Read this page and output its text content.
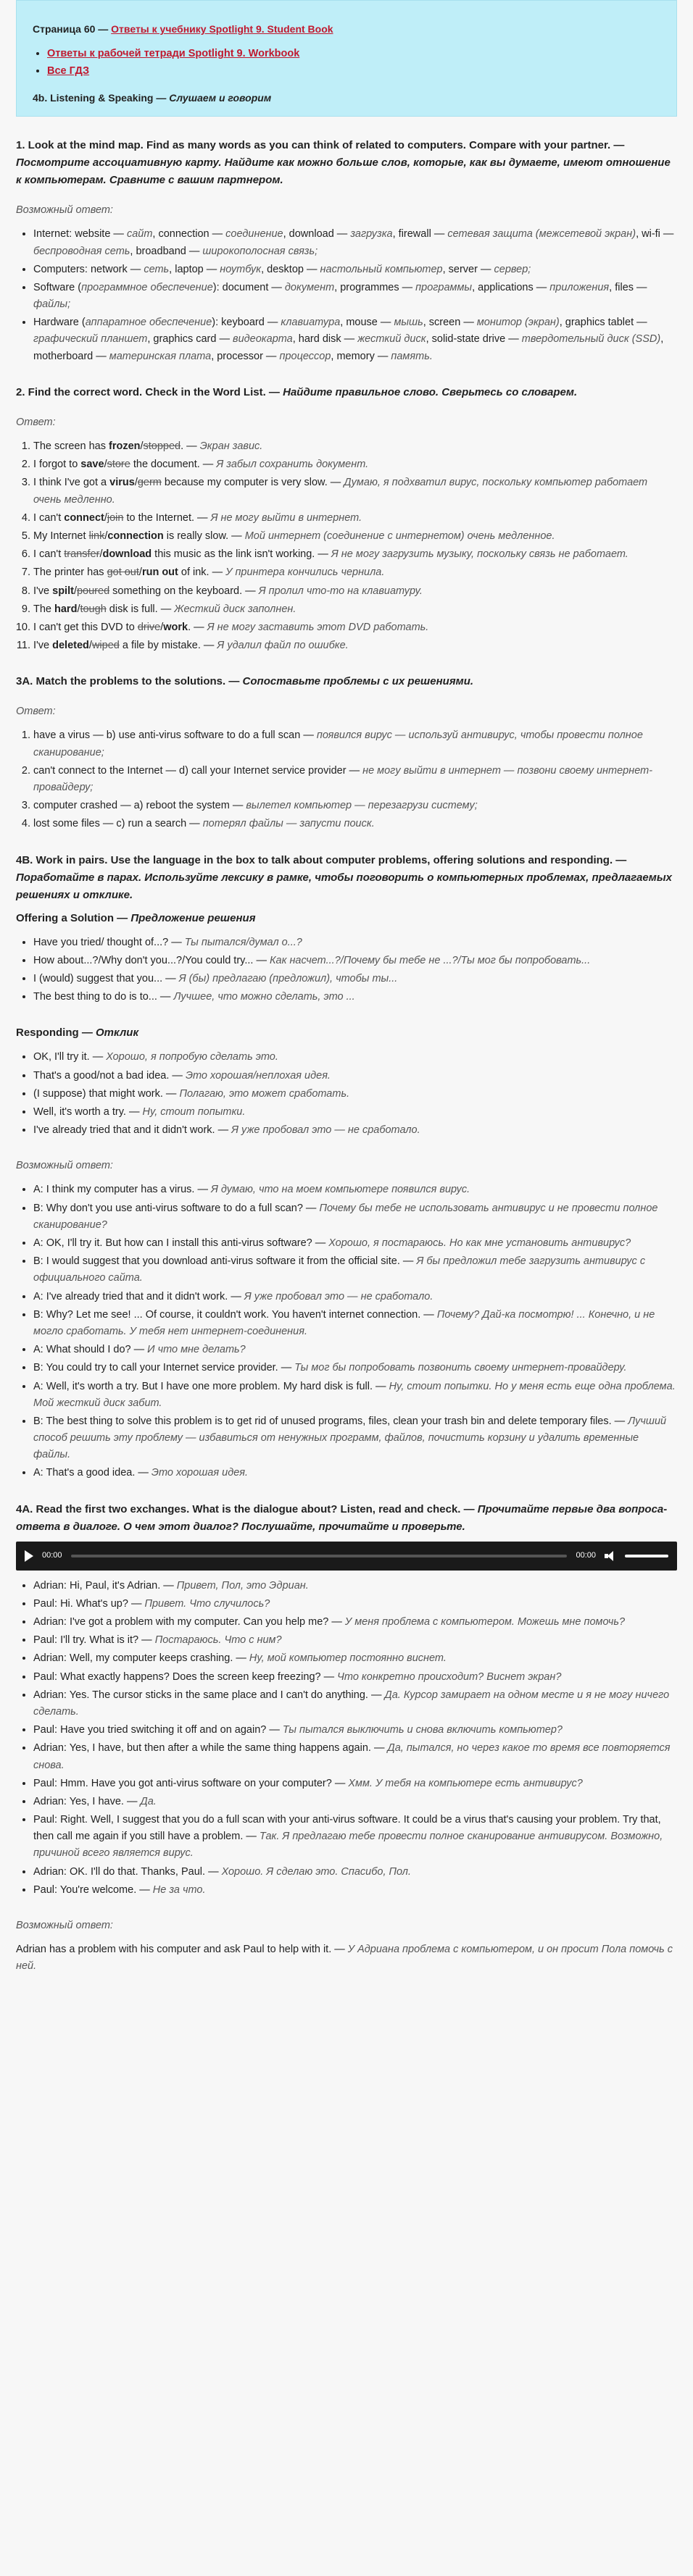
Страница 60 — Ответы к учебнику Spotlight 9. Student Book
• Ответы к рабочей тетради Spotlight 9. Workbook
• Все ГДЗ
4b. Listening & Speaking — Слушаем и говорим
1. Look at the mind map. Find as many words as you can think of related to computers. Compare with your partner. — Посмотрите ассоциативную карту. Найдите как можно больше слов, которые, как вы думаете, имеют отношение к компьютерам. Сравните с вашим партнером.
Возможный ответ:
• Internet: website — сайт, connection — соединение, download — загрузка, firewall — сетевая защита (межсетевой экран), wi-fi — беспроводная сеть, broadband — широкополосная связь;
• Computers: network — сеть, laptop — ноутбук, desktop — настольный компьютер, server — сервер;
• Software (программное обеспечение): document — документ, programmes — программы, applications — приложения, files — файлы;
• Hardware (аппаратное обеспечение): keyboard — клавиатура, mouse — мышь, screen — монитор (экран), graphics tablet — графический планшет, graphics card — видеокарта, hard disk — жесткий диск, solid-state drive — твердотельный диск (SSD), motherboard — материнская плата, processor — процессор, memory — память.
2. Find the correct word. Check in the Word List. — Найдите правильное слово. Сверьтесь со словарем.
Ответ:
1. The screen has frozen/stopped. — Экран завис.
2. I forgot to save/store the document. — Я забыл сохранить документ.
3. I think I've got a virus/germ because my computer is very slow. — Думаю, я подхватил вирус, поскольку компьютер работает очень медленно.
4. I can't connect/join to the Internet. — Я не могу выйти в интернет.
5. My Internet link/connection is really slow. — Мой интернет (соединение с интернетом) очень медленное.
6. I can't transfer/download this music as the link isn't working. — Я не могу загрузить музыку, поскольку связь не работает.
7. The printer has got out/run out of ink. — У принтера кончились чернила.
8. I've spilt/poured something on the keyboard. — Я пролил что-то на клавиатуру.
9. The hard/tough disk is full. — Жесткий диск заполнен.
10. I can't get this DVD to drive/work. — Я не могу заставить этот DVD работать.
11. I've deleted/wiped a file by mistake. — Я удалил файл по ошибке.
3A. Match the problems to the solutions. — Сопоставьте проблемы с их решениями.
Ответ:
1. have a virus — b) use anti-virus software to do a full scan — появился вирус — используй антивирус, чтобы провести полное сканирование;
2. can't connect to the Internet — d) call your Internet service provider — не могу выйти в интернет — позвони своему интернет-провайдеру;
3. computer crashed — a) reboot the system — вылетел компьютер — перезагрузи систему;
4. lost some files — c) run a search — потерял файлы — запусти поиск.
4B. Work in pairs. Use the language in the box to talk about computer problems, offering solutions and responding. — Поработайте в парах. Используйте лексику в рамке, чтобы поговорить о компьютерных проблемах, предлагаемых решениях и отклике.
Offering a Solution — Предложение решения
• Have you tried/ thought of...? — Ты пытался/думал о...?
• How about...?/Why don't you...?/You could try... — Как насчет...?/Почему бы тебе не ...?/Ты мог бы попробовать...
• I (would) suggest that you... — Я (бы) предлагаю (предложил), чтобы ты...
• The best thing to do is to... — Лучшее, что можно сделать, это ...
Responding — Отклик
• OK, I'll try it. — Хорошо, я попробую сделать это.
• That's a good/not a bad idea. — Это хорошая/неплохая идея.
• (I suppose) that might work. — Полагаю, это может сработать.
• Well, it's worth a try. — Ну, стоит попытки.
• I've already tried that and it didn't work. — Я уже пробовал это — не сработало.
Возможный ответ:
• A: I think my computer has a virus. — Я думаю, что на моем компьютере появился вирус.
• B: Why don't you use anti-virus software to do a full scan? — Почему бы тебе не использовать антивирус и не провести полное сканирование?
• A: OK, I'll try it. But how can I install this anti-virus software? — Хорошо, я постараюсь. Но как мне установить антивирус?
• B: I would suggest that you download anti-virus software it from the official site. — Я бы предложил тебе загрузить антивирус с официального сайта.
• A: I've already tried that and it didn't work. — Я уже пробовал это — не сработало.
• B: Why? Let me see! ... Of course, it couldn't work. You haven't internet connection. — Почему? Дай-ка посмотрю! ... Конечно, и не могло сработать. У тебя нет интернет-соединения.
• A: What should I do? — И что мне делать?
• B: You could try to call your Internet service provider. — Ты мог бы попробовать позвонить своему интернет-провайдеру.
• A: Well, it's worth a try. But I have one more problem. My hard disk is full. — Ну, стоит попытки. Но у меня есть еще одна проблема. Мой жесткий диск забит.
• B: The best thing to solve this problem is to get rid of unused programs, files, clean your trash bin and delete temporary files. — Лучший способ решить эту проблему — избавиться от ненужных программ, файлов, почистить корзину и удалить временные файлы.
• A: That's a good idea. — Это хорошая идея.
4A. Read the first two exchanges. What is the dialogue about? Listen, read and check. — Прочитайте первые два вопроса-ответа в диалоге. О чем этот диалог? Послушайте, прочитайте и проверьте.
00:00	00:00
• Adrian: Hi, Paul, it's Adrian. — Привет, Пол, это Эдриан.
• Paul: Hi. What's up? — Привет. Что случилось?
• Adrian: I've got a problem with my computer. Can you help me? — У меня проблема с компьютером. Можешь мне помочь?
• Paul: I'll try. What is it? — Постараюсь. Что с ним?
• Adrian: Well, my computer keeps crashing. — Ну, мой компьютер постоянно виснет.
• Paul: What exactly happens? Does the screen keep freezing? — Что конкретно происходит? Виснет экран?
• Adrian: Yes. The cursor sticks in the same place and I can't do anything. — Да. Курсор замирает на одном месте и я не могу ничего сделать.
• Paul: Have you tried switching it off and on again? — Ты пытался выключить и снова включить компьютер?
• Adrian: Yes, I have, but then after a while the same thing happens again. — Да, пытался, но через какое то время все повторяется снова.
• Paul: Hmm. Have you got anti-virus software on your computer? — Хмм. У тебя на компьютере есть антивирус?
• Adrian: Yes, I have. — Да.
• Paul: Right. Well, I suggest that you do a full scan with your anti-virus software. It could be a virus that's causing your problem. Try that, then call me again if you still have a problem. — Так. Я предлагаю тебе провести полное сканирование антивирусом. Возможно, причиной всего является вирус.
• Adrian: OK. I'll do that. Thanks, Paul. — Хорошо. Я сделаю это. Спасибо, Пол.
• Paul: You're welcome. — Не за что.
Возможный ответ:

Adrian has a problem with his computer and ask Paul to help with it. — У Адриана проблема с компьютером, и он просит Пола помочь с ней.
